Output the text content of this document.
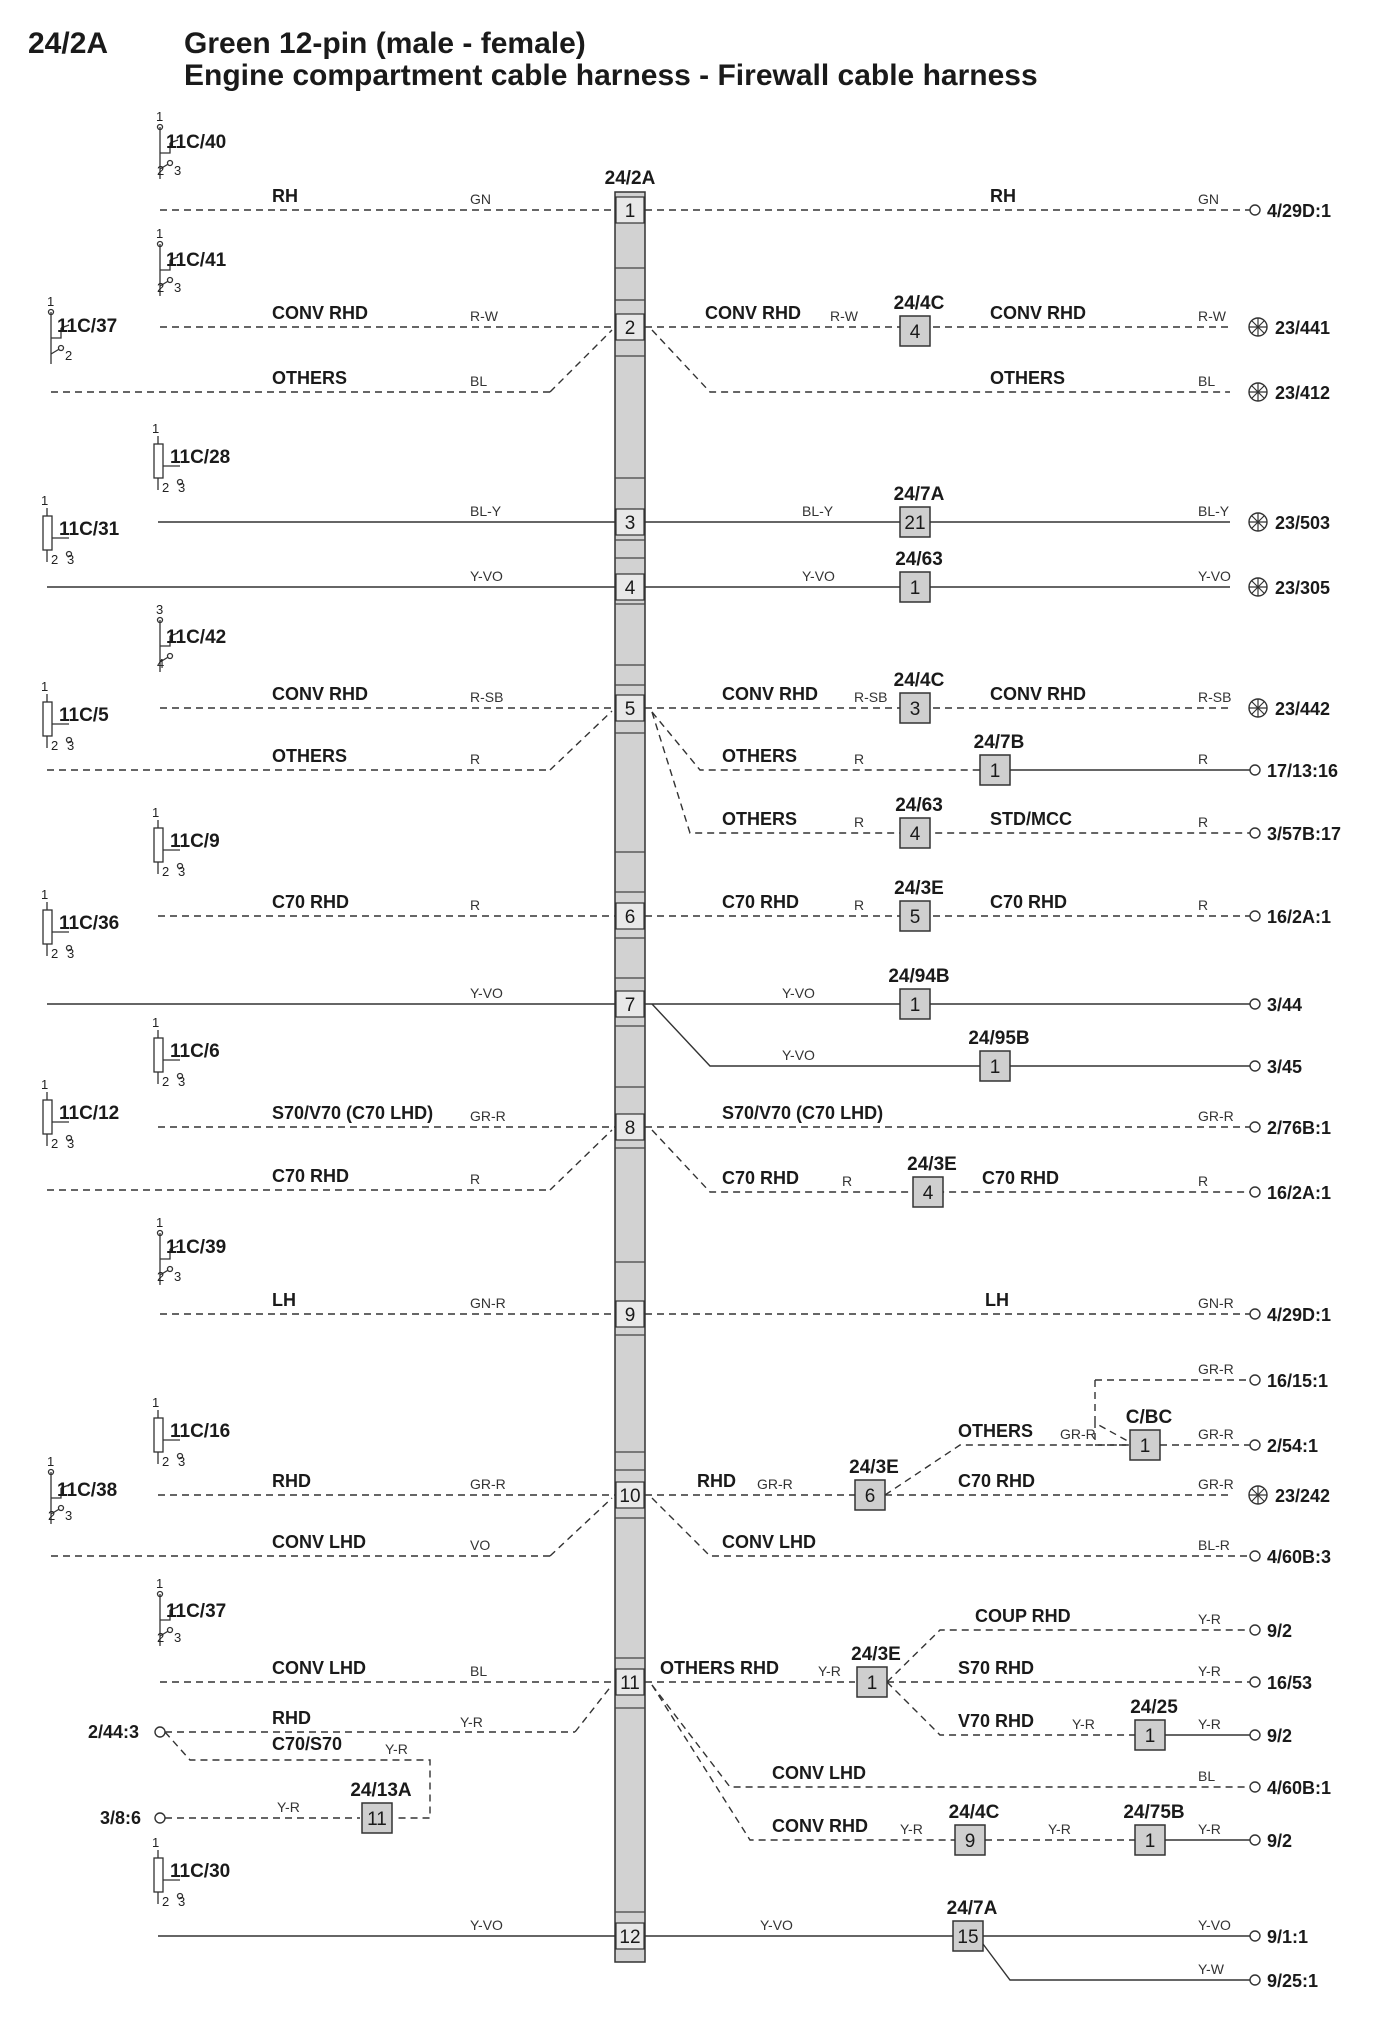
24/2A	Green 12-pin (male - female)
Engine compartment cable harness - Firewall cable harness
1
2
3
4
5
6
7
8
9
10
11
12
24/2A
11C/40
1
2 3
11C/41
1
2 3
11C/37
1
2
11C/28
1
2 3
11C/31
1
2 3
11C/42
3
4
11C/5
1
2 3
11C/9
1
2 3
11C/36
1
2 3
11C/6
1
2 3
11C/12
1
2 3
11C/39
1
2 3
11C/16
1
2 3
11C/38
1
2 3
11C/37
1
2 3
11C/30
1
2 3
RH	GN
CONV RHD	R-W
OTHERS	BL
BL-Y
Y-VO
CONV RHD	R-SB
OTHERS	R
C70 RHD	R
Y-VO
S70/V70 (C70 LHD)	GR-R
C70 RHD	R
LH	GN-R
RHD	GR-R
CONV LHD	VO
CONV LHD	BL
RHD	Y-R
C70/S70	Y-R
Y-R
11
24/13A
2/44:3
3/8:6
Y-VO
RH	GN
4/29D:1
CONV RHD R-W	CONV RHD	R-W
4
24/4C
23/441
OTHERS	BL
23/412
BL-Y	BL-Y
21
24/7A
23/503
Y-VO	Y-VO
1
24/63
23/305
CONV RHD	R-SB	CONV RHD	R-SB
3
24/4C
23/442
OTHERS	R	R
1
24/7B
17/13:16
OTHERS	R	STD/MCC	R
4
24/63
3/57B:17
C70 RHD	R	C70 RHD	R
5
24/3E
16/2A:1
Y-VO
1
24/94B
3/44
Y-VO
1
24/95B
3/45
S70/V70 (C70 LHD)	GR-R
2/76B:1
C70 RHD	R	C70 RHD	R
4
24/3E
16/2A:1
LH	GN-R
4/29D:1
GR-R
16/15:1
OTHERS GR-R	GR-R
1
C/BC
2/54:1
RHD GR-R	C70 RHD	GR-R
6
24/3E
23/242
CONV LHD	BL-R
4/60B:3
OTHERS RHD	Y-R	S70 RHD	Y-R
1
24/3E
COUP RHD	Y-R
9/2
16/53
V70 RHD	Y-R	Y-R
1
24/25
9/2
CONV LHD	BL
4/60B:1
CONV RHD Y-R	Y-R
Y-R
9
24/4C
1
24/75B
9/2
Y-VO	Y-VO
15
24/7A
9/1:1
Y-W
9/25:1
